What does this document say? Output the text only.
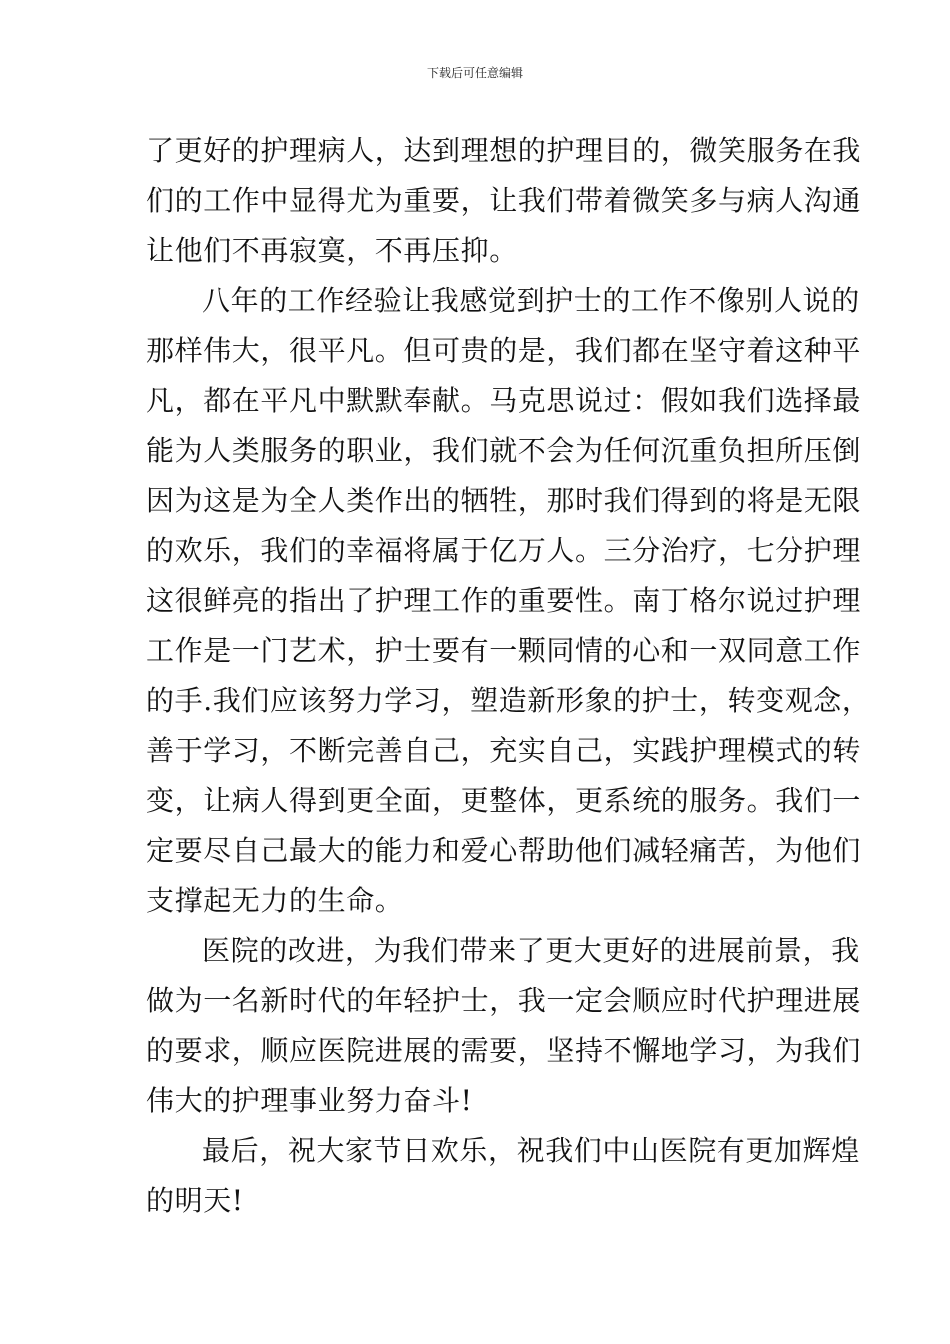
下载后可任意编辑
了更好的护理病人，达到理想的护理目的，微笑服务在我
们的工作中显得尤为重要，让我们带着微笑多与病人沟通
让他们不再寂寞，不再压抑。
八年的工作经验让我感觉到护士的工作不像别人说的
那样伟大，很平凡。但可贵的是，我们都在坚守着这种平
凡，都在平凡中默默奉献。马克思说过：假如我们选择最
能为人类服务的职业，我们就不会为任何沉重负担所压倒
因为这是为全人类作出的牺牲，那时我们得到的将是无限
的欢乐，我们的幸福将属于亿万人。三分治疗，七分护理
这很鲜亮的指出了护理工作的重要性。南丁格尔说过护理
工作是一门艺术，护士要有一颗同情的心和一双同意工作
的手.我们应该努力学习，塑造新形象的护士，转变观念，
善于学习，不断完善自己，充实自己，实践护理模式的转
变，让病人得到更全面，更整体，更系统的服务。我们一
定要尽自己最大的能力和爱心帮助他们减轻痛苦，为他们
支撑起无力的生命。
医院的改进，为我们带来了更大更好的进展前景，我
做为一名新时代的年轻护士，我一定会顺应时代护理进展
的要求，顺应医院进展的需要，坚持不懈地学习，为我们
伟大的护理事业努力奋斗!
最后，祝大家节日欢乐，祝我们中山医院有更加辉煌
的明天!
